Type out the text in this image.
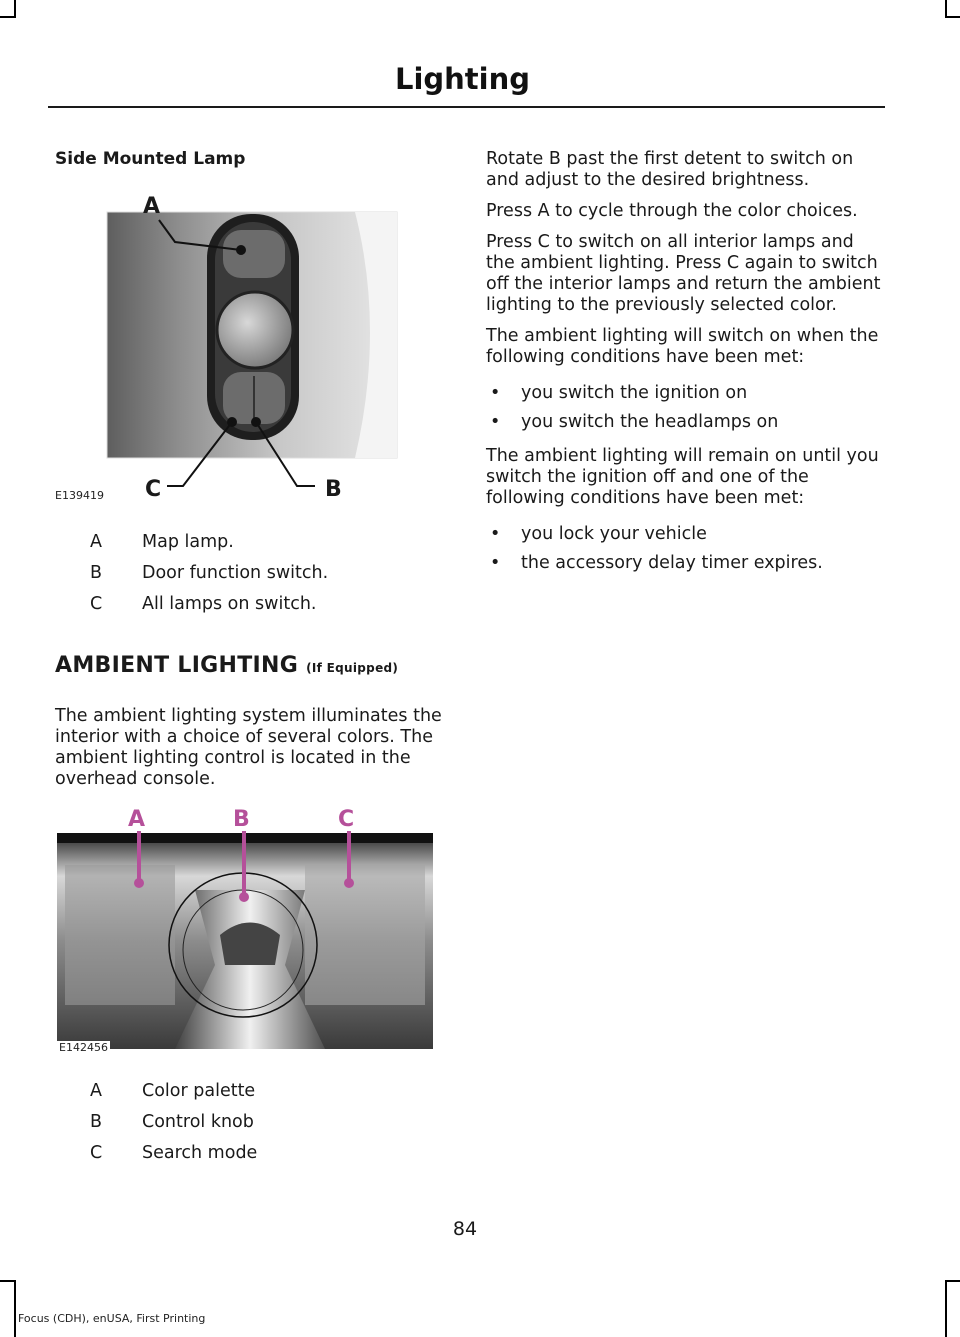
Lighting
Side Mounted Lamp
A
C	B
E139419
A	Map lamp.
B	Door function switch.
C	All lamps on switch.
AMBIENT LIGHTING (If Equipped)

The ambient lighting system illuminates the interior with a choice of several colors. The ambient lighting control is located in the overhead console.

A	B	C
E142456
A	Color palette
B	Control knob
C	Search mode

Rotate B past the first detent to switch on and adjust to the desired brightness.

Press A to cycle through the color choices.

Press C to switch on all interior lamps and the ambient lighting. Press C again to switch off the interior lamps and return the ambient lighting to the previously selected color.

The ambient lighting will switch on when the following conditions have been met:

•	you switch the ignition on
•	you switch the headlamps on

The ambient lighting will remain on until you switch the ignition off and one of the following conditions have been met:

•	you lock your vehicle
•	the accessory delay timer expires.
84
Focus (CDH), enUSA, First Printing
